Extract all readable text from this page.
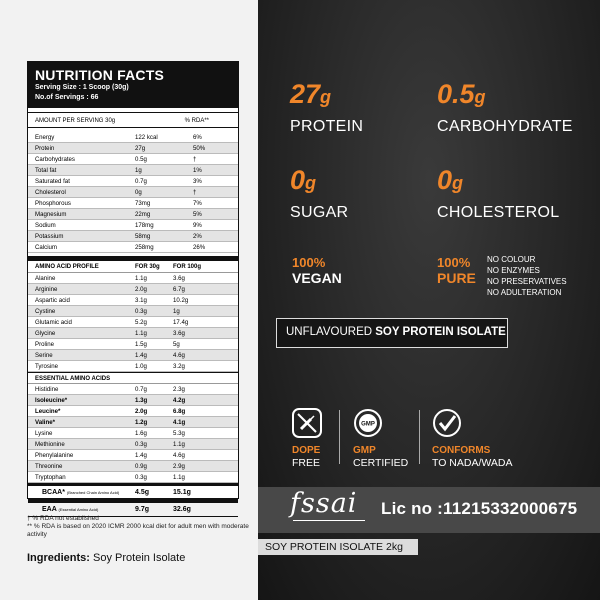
NUTRITION FACTS
Serving Size : 1 Scoop (30g)
No.of Servings : 66
AMOUNT PER SERVING 30g	% RDA**
Energy	122 kcal	6%
Protein	27g	50%
Carbohydrates	0.5g	†
Total fat	1g	1%
Saturated fat	0.7g	3%
Cholesterol	0g	†
Phosphorous	73mg	7%
Magnesium	22mg	5%
Sodium	178mg	9%
Potassium	58mg	2%
Calcium	258mg	26%
AMINO ACID PROFILE	FOR 30g	FOR 100g
Alanine	1.1g	3.6g
Arginine	2.0g	6.7g
Aspartic acid	3.1g	10.2g
Cystine	0.3g	1g
Glutamic acid	5.2g	17.4g
Glycine	1.1g	3.6g
Proline	1.5g	5g
Serine	1.4g	4.6g
Tyrosine	1.0g	3.2g
ESSENTIAL AMINO ACIDS
Histidine	0.7g	2.3g
Isoleucine*	1.3g	4.2g
Leucine*	2.0g	6.8g
Valine*	1.2g	4.1g
Lysine	1.6g	5.3g
Methionine	0.3g	1.1g
Phenylalanine	1.4g	4.6g
Threonine	0.9g	2.9g
Tryptophan	0.3g	1.1g
BCAA* (Branched Chain Amino Acid)	4.5g	15.1g
EAA (Essential Amino Acid)	9.7g	32.6g
† % RDA not established
** % RDA is based on 2020 ICMR 2000 kcal diet for adult men with moderate activity
Ingredients: Soy Protein Isolate
27g
PROTEIN
0.5g
CARBOHYDRATE
0g
SUGAR
0g
CHOLESTEROL
100%
VEGAN
100%
PURE
NO COLOUR
NO ENZYMES
NO PRESERVATIVES
NO ADULTERATION
UNFLAVOURED SOY PROTEIN ISOLATE
DOPE
FREE
GMP
GMP
CERTIFIED
CONFORMS
TO NADA/WADA
fssai Lic no :11215332000675
SOY PROTEIN ISOLATE 2kg
